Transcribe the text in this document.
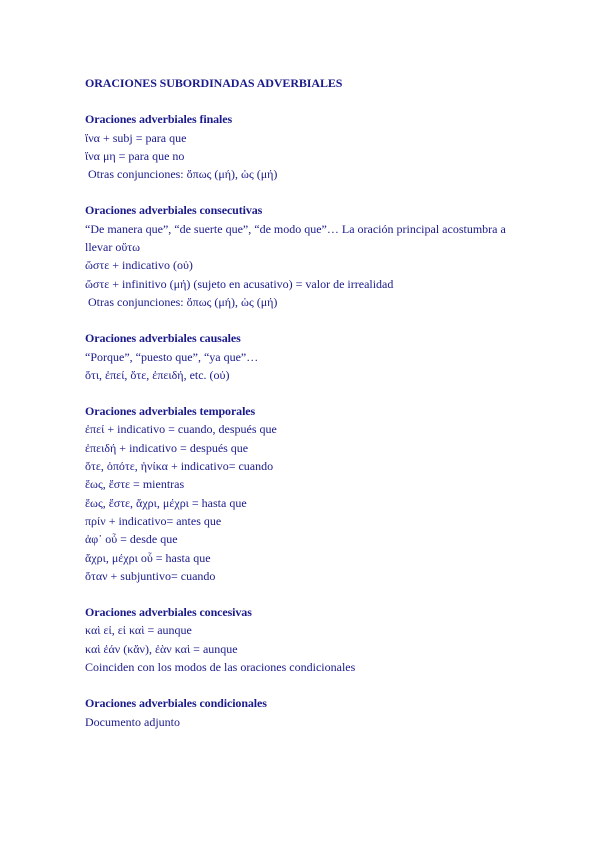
ORACIONES SUBORDINADAS ADVERBIALES

Oraciones adverbiales finales

ἵνα + subj = para que

ἵνα μη = para que no

Otras conjunciones: ὅπως (μή), ὡς (μή)

Oraciones adverbiales consecutivas

“De manera que”, “de suerte que”, “de modo que”… La oración principal acostumbra a llevar οὕτω

ὥστε + indicativo (οὐ)

ὥστε + infinitivo (μή) (sujeto en acusativo) = valor de irrealidad

Otras conjunciones: ὅπως (μή), ὡς (μή)

Oraciones adverbiales causales

“Porque”, “puesto que”, “ya que”…

ὅτι, ἐπεί, ὅτε, ἐπειδή, etc. (οὐ)

Oraciones adverbiales temporales

ἐπεί + indicativo = cuando, después que

ἐπειδή + indicativo = después que

ὅτε, ὁπότε, ἡνίκα + indicativo= cuando

ἕως, ἔστε = mientras

ἕως, ἔστε, ἄχρι, μέχρι = hasta que

πρίν + indicativo= antes que

ἀφ᾽ οὗ = desde que

ἄχρι, μέχρι οὗ = hasta que

ὅταν + subjuntivo= cuando

Oraciones adverbiales concesivas

καὶ εἰ, εἰ καὶ = aunque

καὶ ἐάν (κἄν), ἐὰν καὶ = aunque

Coinciden con los modos de las oraciones condicionales

Oraciones adverbiales condicionales

Documento adjunto
